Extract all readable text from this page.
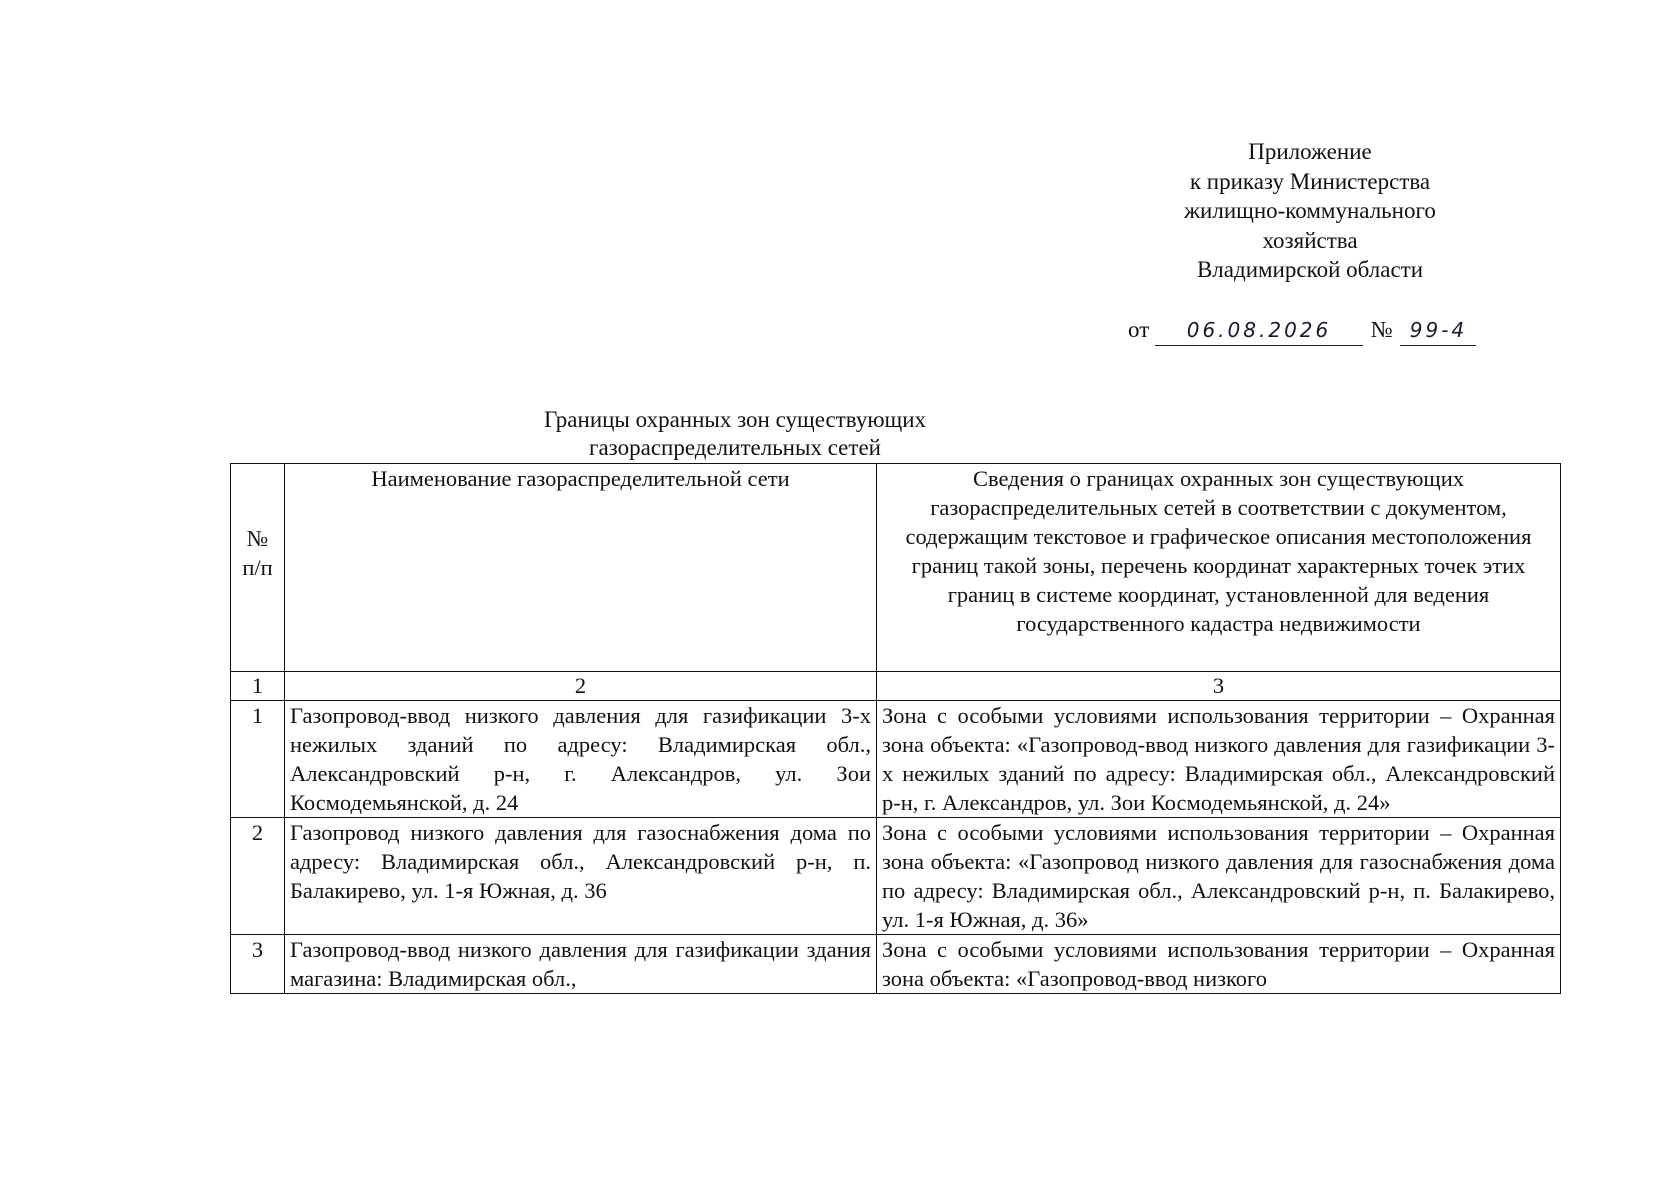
Приложение
к приказу Министерства
жилищно-коммунального
хозяйства
Владимирской области
от 06.08.2026 № 99-4
Границы охранных зон существующих
газораспределительных сетей
№ п/п	Наименование газораспределительной сети	Сведения о границах охранных зон существующих газораспределительных сетей в соответствии с документом, содержащим текстовое и графическое описания местоположения границ такой зоны, перечень координат характерных точек этих границ в системе координат, установленной для ведения государственного кадастра недвижимости
1	2	3
1	Газопровод-ввод низкого давления для газификации 3-х нежилых зданий по адресу: Владимирская обл., Александровский р-н, г. Александров, ул. Зои Космодемьянской, д. 24	Зона с особыми условиями использования территории – Охранная зона объекта: «Газопровод-ввод низкого давления для газификации 3-х нежилых зданий по адресу: Владимирская обл., Александровский р-н, г. Александров, ул. Зои Космодемьянской, д. 24»
2	Газопровод низкого давления для газоснабжения дома по адресу: Владимирская обл., Александровский р-н, п. Балакирево, ул. 1-я Южная, д. 36	Зона с особыми условиями использования территории – Охранная зона объекта: «Газопровод низкого давления для газоснабжения дома по адресу: Владимирская обл., Александровский р-н, п. Балакирево, ул. 1-я Южная, д. 36»

3	Газопровод-ввод низкого давления для газификации здания магазина: Владимирская обл.,	Зона с особыми условиями использования территории – Охранная зона объекта: «Газопровод-ввод низкого
